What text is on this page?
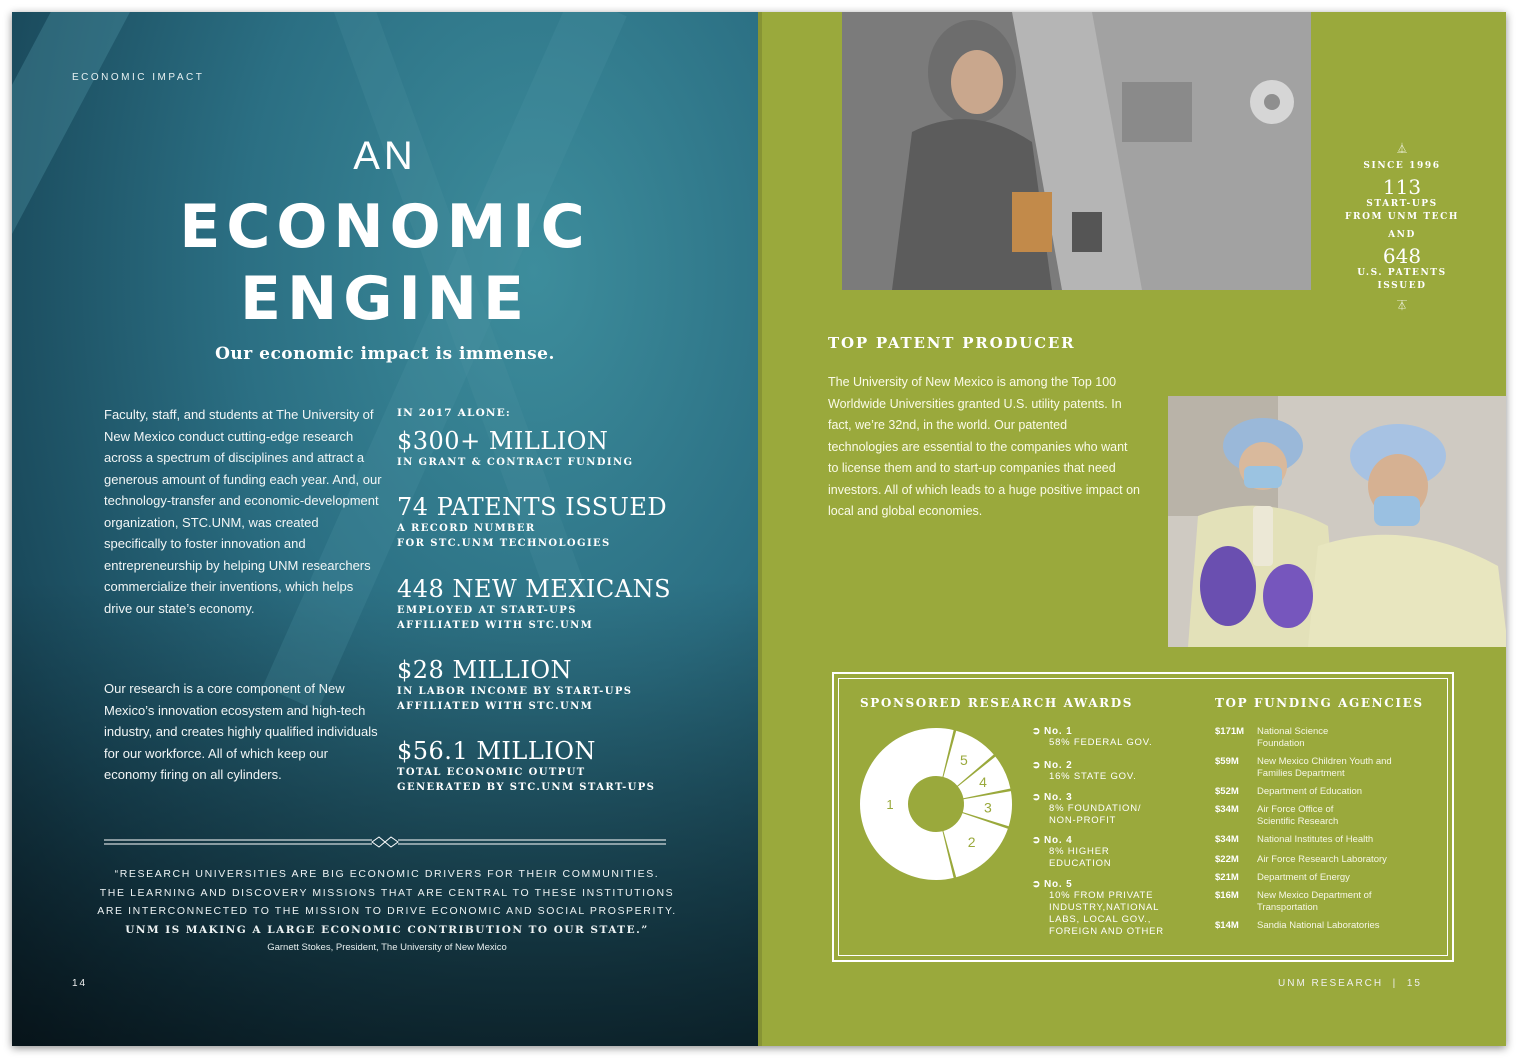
ECONOMIC IMPACT
AN
ECONOMIC
ENGINE
Our economic impact is immense.
Faculty, staff, and students at The University of New Mexico conduct cutting-edge research across a spectrum of disciplines and attract a generous amount of funding each year. And, our technology-transfer and economic-development organization, STC.UNM, was created specifically to foster innovation and entrepreneurship by helping UNM researchers commercialize their inventions, which helps drive our state’s economy.
Our research is a core component of New Mexico’s innovation ecosystem and high-tech industry, and creates highly qualified individuals for our workforce. All of which keep our economy firing on all cylinders.
IN 2017 ALONE:
$300+ MILLION
IN GRANT & CONTRACT FUNDING
74 PATENTS ISSUED
A RECORD NUMBER
FOR STC.UNM TECHNOLOGIES
448 NEW MEXICANS
EMPLOYED AT START-UPS
AFFILIATED WITH STC.UNM
$28 MILLION
IN LABOR INCOME BY START-UPS
AFFILIATED WITH STC.UNM
$56.1 MILLION
TOTAL ECONOMIC OUTPUT
GENERATED BY STC.UNM START-UPS
“RESEARCH UNIVERSITIES ARE BIG ECONOMIC DRIVERS FOR THEIR COMMUNITIES.
THE LEARNING AND DISCOVERY MISSIONS THAT ARE CENTRAL TO THESE INSTITUTIONS
ARE INTERCONNECTED TO THE MISSION TO DRIVE ECONOMIC AND SOCIAL PROSPERITY.
UNM IS MAKING A LARGE ECONOMIC CONTRIBUTION TO OUR STATE.”
Garnett Stokes, President, The University of New Mexico
14
⏅
SINCE 1996
113
START-UPS
FROM UNM TECH
AND
648
U.S. PATENTS
ISSUED
⏄
TOP PATENT PRODUCER
The University of New Mexico is among the Top 100 Worldwide Universities granted U.S. utility patents. In fact, we’re 32nd, in the world. Our patented technologies are essential to the companies who want to license them and to start-up companies that need investors. All of which leads to a huge positive impact on local and global economies.
SPONSORED RESEARCH AWARDS	TOP FUNDING AGENCIES
1
5
4
3
2
➲ No. 1
58% FEDERAL GOV.
➲ No. 2
16% STATE GOV.
➲ No. 3
8% FOUNDATION/ NON-PROFIT
➲ No. 4
8% HIGHER EDUCATION
➲ No. 5
10% FROM PRIVATE INDUSTRY,NATIONAL LABS, LOCAL GOV., FOREIGN AND OTHER
$171M National Science Foundation
$59M New Mexico Children Youth and Families Department
$52M Department of Education
$34M Air Force Office of Scientific Research
$34M National Institutes of Health
$22M Air Force Research Laboratory
$21M Department of Energy
$16M New Mexico Department of Transportation
$14M Sandia National Laboratories
UNM RESEARCH  |  15
